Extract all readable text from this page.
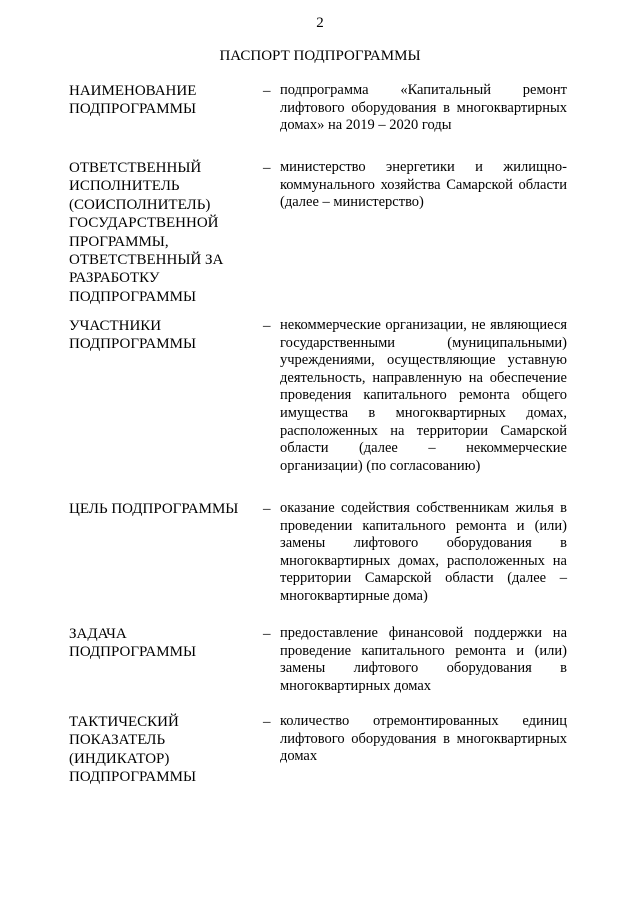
2
ПАСПОРТ ПОДПРОГРАММЫ
НАИМЕНОВАНИЕ
ПОДПРОГРАММЫ
– подпрограмма «Капитальный ремонт лифтового оборудования в многоквартирных домах» на 2019 – 2020 годы
ОТВЕТСТВЕННЫЙ
ИСПОЛНИТЕЛЬ
(СОИСПОЛНИТЕЛЬ)
ГОСУДАРСТВЕННОЙ
ПРОГРАММЫ,
ОТВЕТСТВЕННЫЙ ЗА
РАЗРАБОТКУ
ПОДПРОГРАММЫ
– министерство энергетики и жилищно-коммунального хозяйства Самарской области (далее – министерство)
УЧАСТНИКИ
ПОДПРОГРАММЫ
– некоммерческие организации, не являющиеся государственными (муниципальными) учреждениями, осуществляющие уставную деятельность, направленную на обеспечение проведения капитального ремонта общего имущества в многоквартирных домах, расположенных на территории Самарской области (далее – некоммерческие организации) (по согласованию)
ЦЕЛЬ ПОДПРОГРАММЫ	– оказание содействия собственникам жилья в проведении капитального ремонта и (или) замены лифтового оборудования в многоквартирных домах, расположенных на территории Самарской области (далее – многоквартирные дома)
ЗАДАЧА
ПОДПРОГРАММЫ
– предоставление финансовой поддержки на проведение капитального ремонта и (или) замены лифтового оборудования в многоквартирных домах
ТАКТИЧЕСКИЙ
ПОКАЗАТЕЛЬ
(ИНДИКАТОР)
ПОДПРОГРАММЫ
– количество отремонтированных единиц лифтового оборудования в многоквартирных домах
